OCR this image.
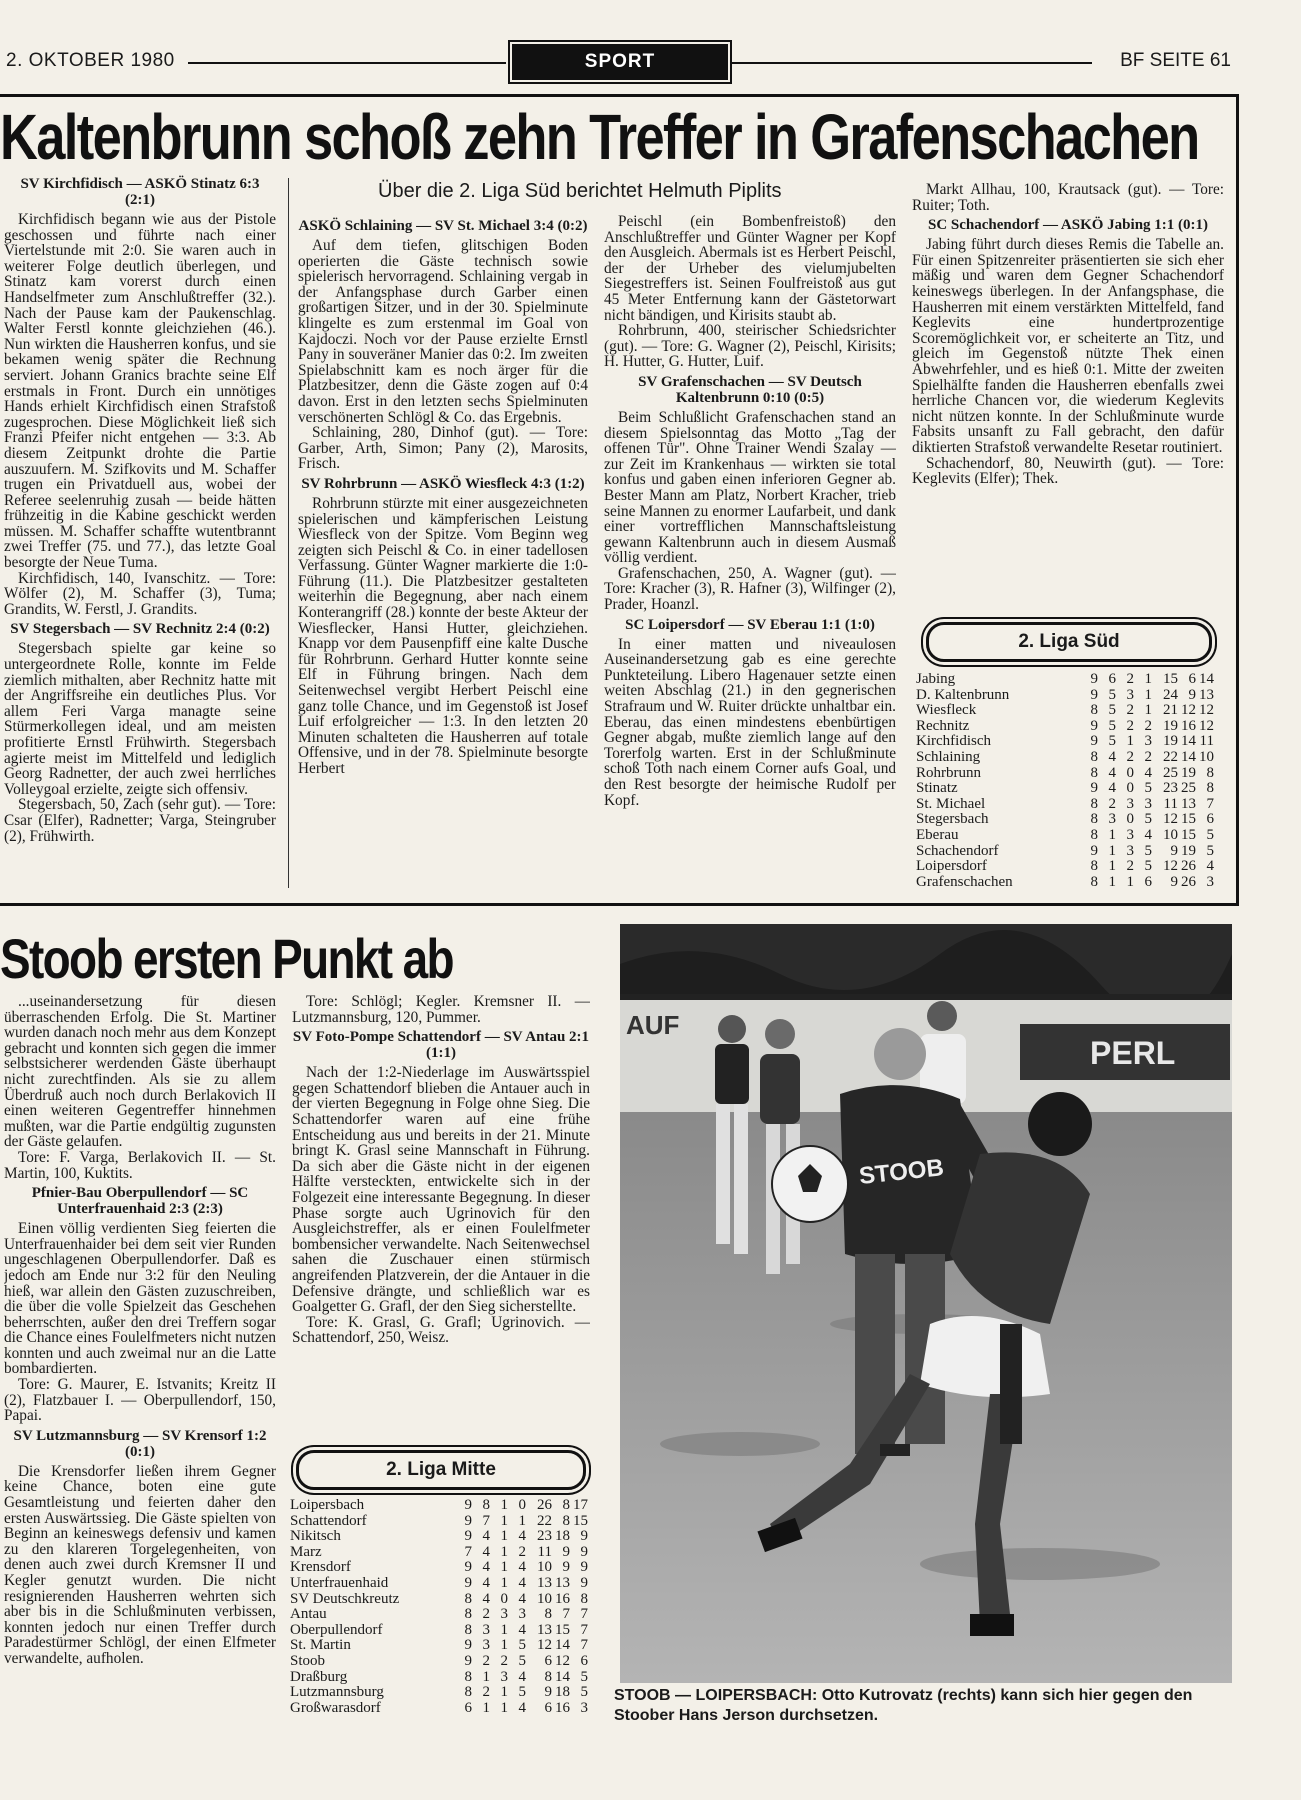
2. OKTOBER 1980	SPORT	BF SEITE 61
Kaltenbrunn schoß zehn Treffer in Grafenschachen
Über die 2. Liga Süd berichtet Helmuth Piplits
SV Kirchfidisch — ASKÖ Stinatz 6:3 (2:1)

Kirchfidisch begann wie aus der Pistole geschossen und führte nach einer Viertelstunde mit 2:0. Sie waren auch in weiterer Folge deutlich überlegen, und Stinatz kam vorerst durch einen Handselfmeter zum Anschlußtreffer (32.). Nach der Pause kam der Paukenschlag. Walter Ferstl konnte gleichziehen (46.). Nun wirkten die Hausherren konfus, und sie bekamen wenig später die Rechnung serviert. Johann Granics brachte seine Elf erstmals in Front. Durch ein unnötiges Hands erhielt Kirchfidisch einen Strafstoß zugesprochen. Diese Möglichkeit ließ sich Franzi Pfeifer nicht entgehen — 3:3. Ab diesem Zeitpunkt drohte die Partie auszuufern. M. Szifkovits und M. Schaffer trugen ein Privatduell aus, wobei der Referee seelenruhig zusah — beide hätten frühzeitig in die Kabine geschickt werden müssen. M. Schaffer schaffte wutentbrannt zwei Treffer (75. und 77.), das letzte Goal besorgte der Neue Tuma.

Kirchfidisch, 140, Ivanschitz. — Tore: Wölfer (2), M. Schaffer (3), Tuma; Grandits, W. Ferstl, J. Grandits.

SV Stegersbach — SV Rechnitz 2:4 (0:2)

Stegersbach spielte gar keine so untergeordnete Rolle, konnte im Felde ziemlich mithalten, aber Rechnitz hatte mit der Angriffsreihe ein deutliches Plus. Vor allem Feri Varga managte seine Stürmerkollegen ideal, und am meisten profitierte Ernstl Frühwirth. Stegersbach agierte meist im Mittelfeld und lediglich Georg Radnetter, der auch zwei herrliches Volleygoal erzielte, zeigte sich offensiv.

Stegersbach, 50, Zach (sehr gut). — Tore: Csar (Elfer), Radnetter; Varga, Steingruber (2), Frühwirth.

ASKÖ Schlaining — SV St. Michael 3:4 (0:2)

Auf dem tiefen, glitschigen Boden operierten die Gäste technisch sowie spielerisch hervorragend. Schlaining vergab in der Anfangsphase durch Garber einen großartigen Sitzer, und in der 30. Spielminute klingelte es zum erstenmal im Goal von Kajdoczi. Noch vor der Pause erzielte Ernstl Pany in souveräner Manier das 0:2. Im zweiten Spielabschnitt kam es noch ärger für die Platzbesitzer, denn die Gäste zogen auf 0:4 davon. Erst in den letzten sechs Spielminuten verschönerten Schlögl & Co. das Ergebnis.

Schlaining, 280, Dinhof (gut). — Tore: Garber, Arth, Simon; Pany (2), Marosits, Frisch.

SV Rohrbrunn — ASKÖ Wiesfleck 4:3 (1:2)

Rohrbrunn stürzte mit einer ausgezeichneten spielerischen und kämpferischen Leistung Wiesfleck von der Spitze. Vom Beginn weg zeigten sich Peischl & Co. in einer tadellosen Verfassung. Günter Wagner markierte die 1:0-Führung (11.). Die Platzbesitzer gestalteten weiterhin die Begegnung, aber nach einem Konterangriff (28.) konnte der beste Akteur der Wiesflecker, Hansi Hutter, gleichziehen. Knapp vor dem Pausenpfiff eine kalte Dusche für Rohrbrunn. Gerhard Hutter konnte seine Elf in Führung bringen. Nach dem Seitenwechsel vergibt Herbert Peischl eine ganz tolle Chance, und im Gegenstoß ist Josef Luif erfolgreicher — 1:3. In den letzten 20 Minuten schalteten die Hausherren auf totale Offensive, und in der 78. Spielminute besorgte Herbert

Peischl (ein Bombenfreistoß) den Anschlußtreffer und Günter Wagner per Kopf den Ausgleich. Abermals ist es Herbert Peischl, der der Urheber des vielumjubelten Siegestreffers ist. Seinen Foulfreistoß aus gut 45 Meter Entfernung kann der Gästetorwart nicht bändigen, und Kirisits staubt ab.

Rohrbrunn, 400, steirischer Schiedsrichter (gut). — Tore: G. Wagner (2), Peischl, Kirisits; H. Hutter, G. Hutter, Luif.

SV Grafenschachen — SV Deutsch Kaltenbrunn 0:10 (0:5)

Beim Schlußlicht Grafenschachen stand an diesem Spielsonntag das Motto „Tag der offenen Tür". Ohne Trainer Wendi Szalay — zur Zeit im Krankenhaus — wirkten sie total konfus und gaben einen inferioren Gegner ab. Bester Mann am Platz, Norbert Kracher, trieb seine Mannen zu enormer Laufarbeit, und dank einer vortrefflichen Mannschaftsleistung gewann Kaltenbrunn auch in diesem Ausmaß völlig verdient.

Grafenschachen, 250, A. Wagner (gut). — Tore: Kracher (3), R. Hafner (3), Wilfinger (2), Prader, Hoanzl.

SC Loipersdorf — SV Eberau 1:1 (1:0)

In einer matten und niveaulosen Auseinandersetzung gab es eine gerechte Punkteteilung. Libero Hagenauer setzte einen weiten Abschlag (21.) in den gegnerischen Strafraum und W. Ruiter drückte unhaltbar ein. Eberau, das einen mindestens ebenbürtigen Gegner abgab, mußte ziemlich lange auf den Torerfolg warten. Erst in der Schlußminute schoß Toth nach einem Corner aufs Goal, und den Rest besorgte der heimische Rudolf per Kopf.

Markt Allhau, 100, Krautsack (gut). — Tore: Ruiter; Toth.

SC Schachendorf — ASKÖ Jabing 1:1 (0:1)

Jabing führt durch dieses Remis die Tabelle an. Für einen Spitzenreiter präsentierten sie sich eher mäßig und waren dem Gegner Schachendorf keineswegs überlegen. In der Anfangsphase, die Hausherren mit einem verstärkten Mittelfeld, fand Keglevits eine hundertprozentige Scoremöglichkeit vor, er scheiterte an Titz, und gleich im Gegenstoß nützte Thek einen Abwehrfehler, und es hieß 0:1. Mitte der zweiten Spielhälfte fanden die Hausherren ebenfalls zwei herrliche Chancen vor, die wiederum Keglevits nicht nützen konnte. In der Schlußminute wurde Fabsits unsanft zu Fall gebracht, den dafür diktierten Strafstoß verwandelte Resetar routiniert.

Schachendorf, 80, Neuwirth (gut). — Tore: Keglevits (Elfer); Thek.

2. Liga Süd
Jabing	9	6	2	1	15	6	14
D. Kaltenbrunn	9	5	3	1	24	9	13
Wiesfleck	8	5	2	1	21	12	12
Rechnitz	9	5	2	2	19	16	12
Kirchfidisch	9	5	1	3	19	14	11
Schlaining	8	4	2	2	22	14	10
Rohrbrunn	8	4	0	4	25	19	8
Stinatz	9	4	0	5	23	25	8
St. Michael	8	2	3	3	11	13	7
Stegersbach	8	3	0	5	12	15	6
Eberau	8	1	3	4	10	15	5
Schachendorf	9	1	3	5	9	19	5
Loipersdorf	8	1	2	5	12	26	4
Grafenschachen	8	1	1	6	9	26	3
Stoob ersten Punkt ab

...useinandersetzung für diesen überraschenden Erfolg. Die St. Martiner wurden danach noch mehr aus dem Konzept gebracht und konnten sich gegen die immer selbstsicherer werdenden Gäste überhaupt nicht zurechtfinden. Als sie zu allem Überdruß auch noch durch Berlakovich II einen weiteren Gegentreffer hinnehmen mußten, war die Partie endgültig zugunsten der Gäste gelaufen.

Tore: F. Varga, Berlakovich II. — St. Martin, 100, Kuktits.

Pfnier-Bau Oberpullendorf — SC Unterfrauenhaid 2:3 (2:3)

Einen völlig verdienten Sieg feierten die Unterfrauenhaider bei dem seit vier Runden ungeschlagenen Oberpullendorfer. Daß es jedoch am Ende nur 3:2 für den Neuling hieß, war allein den Gästen zuzuschreiben, die über die volle Spielzeit das Geschehen beherrschten, außer den drei Treffern sogar die Chance eines Foulelfmeters nicht nutzen konnten und auch zweimal nur an die Latte bombardierten.

Tore: G. Maurer, E. Istvanits; Kreitz II (2), Flatzbauer I. — Oberpullendorf, 150, Papai.

SV Lutzmannsburg — SV Krensorf 1:2 (0:1)

Die Krensdorfer ließen ihrem Gegner keine Chance, boten eine gute Gesamtleistung und feierten daher den ersten Auswärtssieg. Die Gäste spielten von Beginn an keineswegs defensiv und kamen zu den klareren Torgelegenheiten, von denen auch zwei durch Kremsner II und Kegler genutzt wurden. Die nicht resignierenden Hausherren wehrten sich aber bis in die Schlußminuten verbissen, konnten jedoch nur einen Treffer durch Paradestürmer Schlögl, der einen Elfmeter verwandelte, aufholen.

Tore: Schlögl; Kegler. Kremsner II. — Lutzmannsburg, 120, Pummer.

SV Foto-Pompe Schattendorf — SV Antau 2:1 (1:1)

Nach der 1:2-Niederlage im Auswärtsspiel gegen Schattendorf blieben die Antauer auch in der vierten Begegnung in Folge ohne Sieg. Die Schattendorfer waren auf eine frühe Entscheidung aus und bereits in der 21. Minute bringt K. Grasl seine Mannschaft in Führung. Da sich aber die Gäste nicht in der eigenen Hälfte versteckten, entwickelte sich in der Folgezeit eine interessante Begegnung. In dieser Phase sorgte auch Ugrinovich für den Ausgleichstreffer, als er einen Foulelfmeter bombensicher verwandelte. Nach Seitenwechsel sahen die Zuschauer einen stürmisch angreifenden Platzverein, der die Antauer in die Defensive drängte, und schließlich war es Goalgetter G. Grafl, der den Sieg sicherstellte.

Tore: K. Grasl, G. Grafl; Ugrinovich. — Schattendorf, 250, Weisz.

2. Liga Mitte
Loipersbach	9	8	1	0	26	8	17
Schattendorf	9	7	1	1	22	8	15
Nikitsch	9	4	1	4	23	18	9
Marz	7	4	1	2	11	9	9
Krensdorf	9	4	1	4	10	9	9
Unterfrauenhaid	9	4	1	4	13	13	9
SV Deutschkreutz	8	4	0	4	10	16	8
Antau	8	2	3	3	8	7	7
Oberpullendorf	8	3	1	4	13	15	7
St. Martin	9	3	1	5	12	14	7
Stoob	9	2	2	5	6	12	6
Draßburg	8	1	3	4	8	14	5
Lutzmannsburg	8	2	1	5	9	18	5
Großwarasdorf	6	1	1	4	6	16	3
AUF
PERL
STOOB
STOOB — LOIPERSBACH: Otto Kutrovatz (rechts) kann sich hier gegen den Stoober Hans Jerson durchsetzen.
